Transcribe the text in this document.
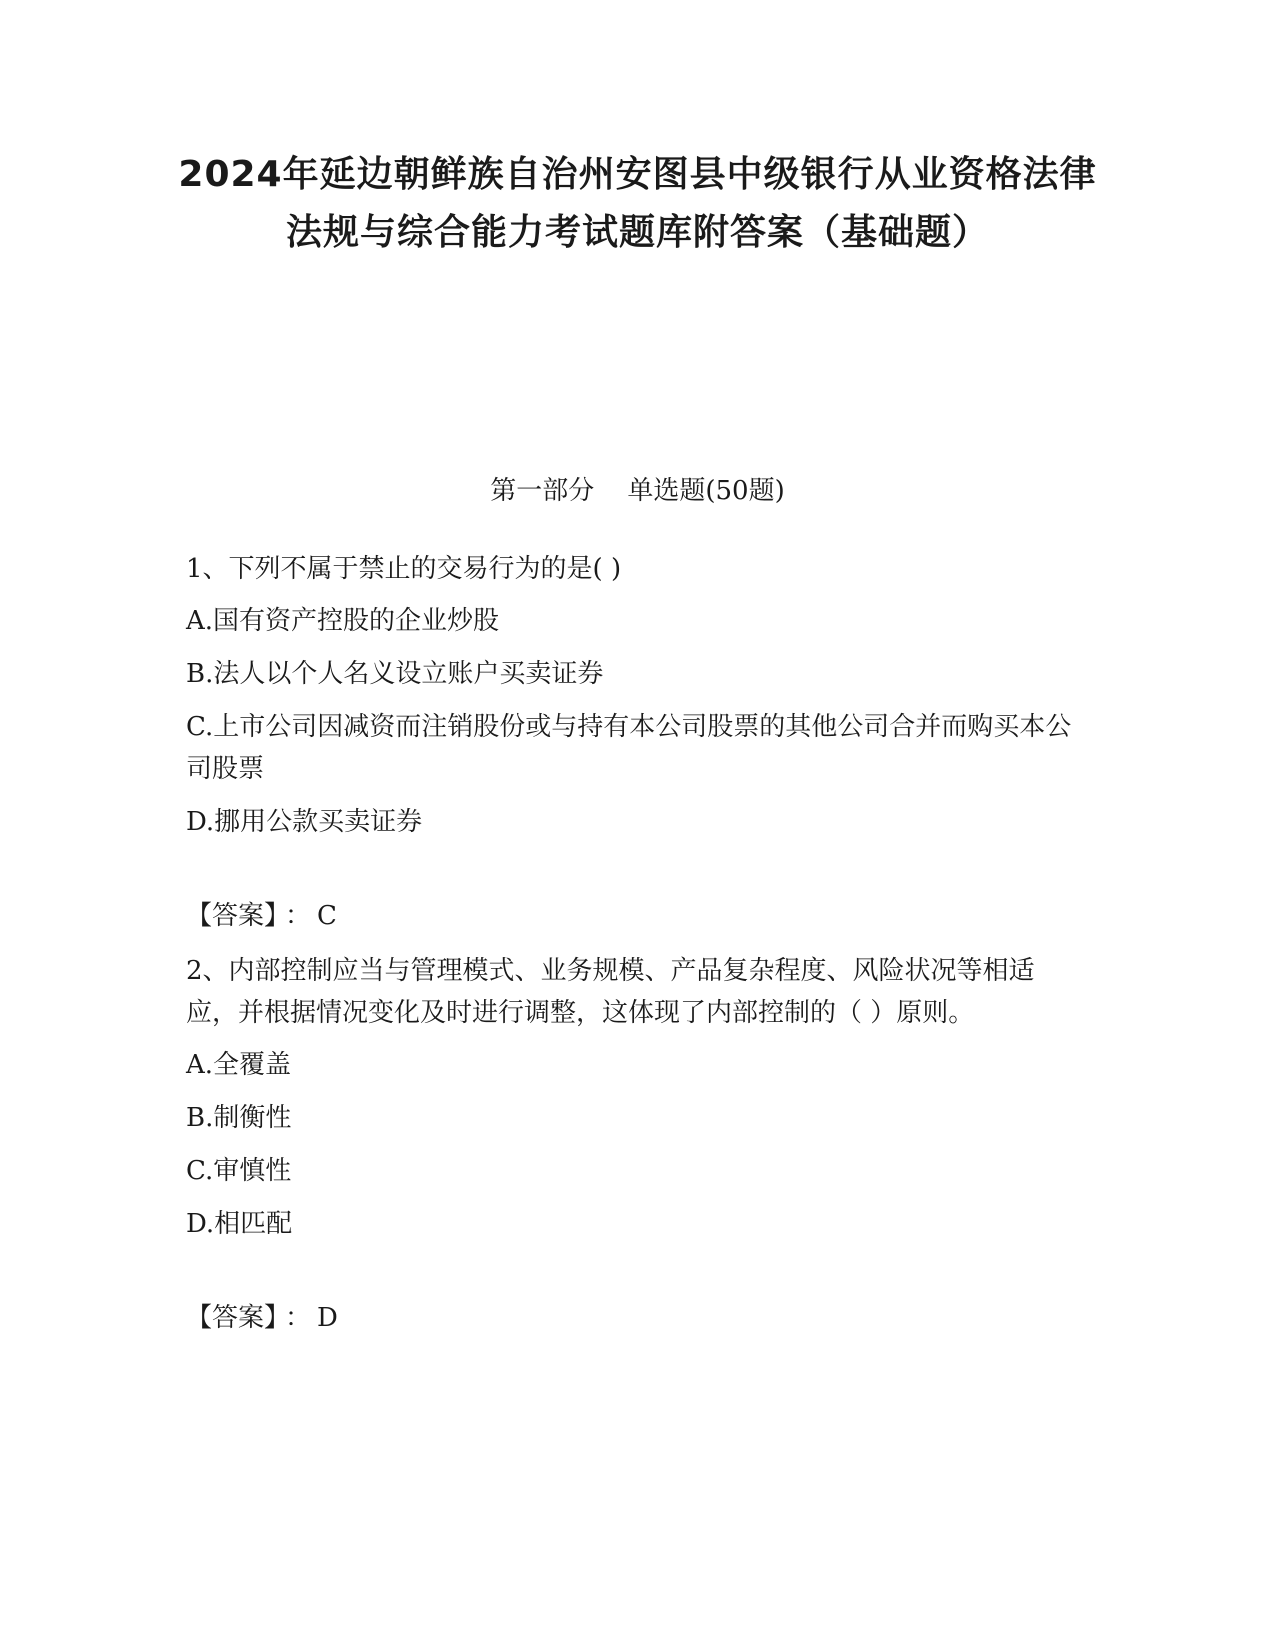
2024年延边朝鲜族自治州安图县中级银行从业资格法律法规与综合能力考试题库附答案（基础题）
第一部分    单选题(50题)

1、下列不属于禁止的交易行为的是( )

A.国有资产控股的企业炒股

B.法人以个人名义设立账户买卖证券

C.上市公司因减资而注销股份或与持有本公司股票的其他公司合并而购买本公司股票

D.挪用公款买卖证券

【答案】 ： C

2、内部控制应当与管理模式、业务规模、产品复杂程度、风险状况等相适应，并根据情况变化及时进行调整，这体现了内部控制的（ ）原则。

A.全覆盖

B.制衡性

C.审慎性

D.相匹配

【答案】 ： D
